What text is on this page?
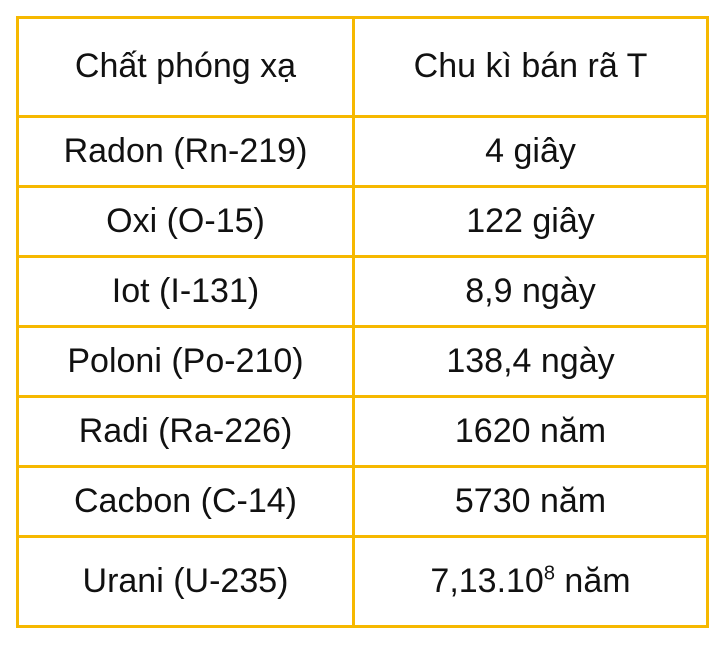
Chất phóng xạ	Chu kì bán rã T
Radon (Rn-219)	4 giây
Oxi (O-15)	122 giây
Iot (I-131)	8,9 ngày
Poloni (Po-210)	138,4 ngày
Radi (Ra-226)	1620 năm
Cacbon (C-14)	5730 năm
Urani (U-235)	7,13.10$^8$ năm
